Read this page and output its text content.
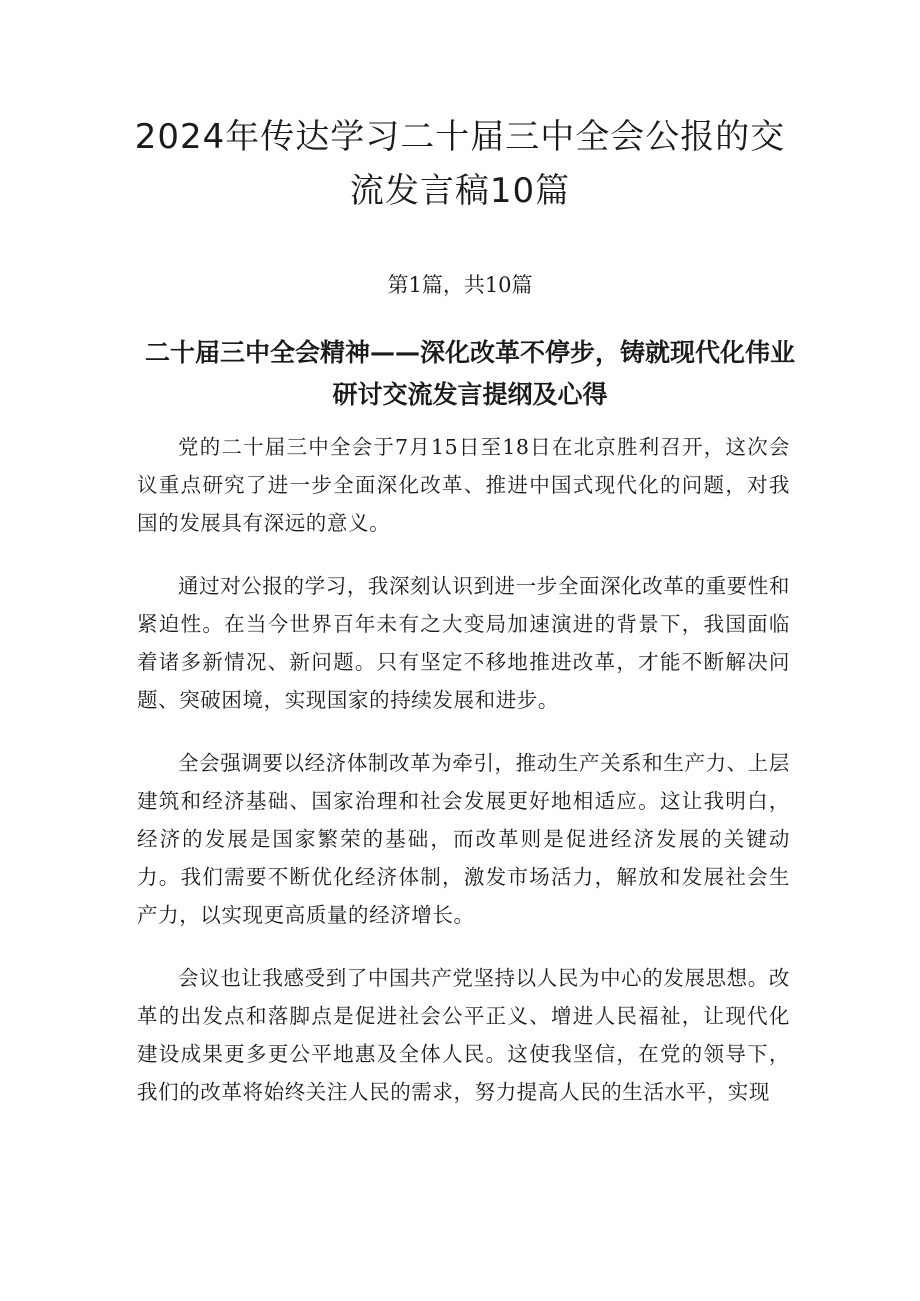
2024年传达学习二十届三中全会公报的交流发言稿10篇
第1篇，共10篇
二十届三中全会精神——深化改革不停步，铸就现代化伟业研讨交流发言提纲及心得

党的二十届三中全会于7月15日至18日在北京胜利召开，这次会议重点研究了进一步全面深化改革、推进中国式现代化的问题，对我国的发展具有深远的意义。

通过对公报的学习，我深刻认识到进一步全面深化改革的重要性和紧迫性。在当今世界百年未有之大变局加速演进的背景下，我国面临着诸多新情况、新问题。只有坚定不移地推进改革，才能不断解决问题、突破困境，实现国家的持续发展和进步。

全会强调要以经济体制改革为牵引，推动生产关系和生产力、上层建筑和经济基础、国家治理和社会发展更好地相适应。这让我明白，经济的发展是国家繁荣的基础，而改革则是促进经济发展的关键动力。我们需要不断优化经济体制，激发市场活力，解放和发展社会生产力，以实现更高质量的经济增长。

会议也让我感受到了中国共产党坚持以人民为中心的发展思想。改革的出发点和落脚点是促进社会公平正义、增进人民福祉，让现代化建设成果更多更公平地惠及全体人民。这使我坚信，在党的领导下，我们的改革将始终关注人民的需求，努力提高人民的生活水平，实现
